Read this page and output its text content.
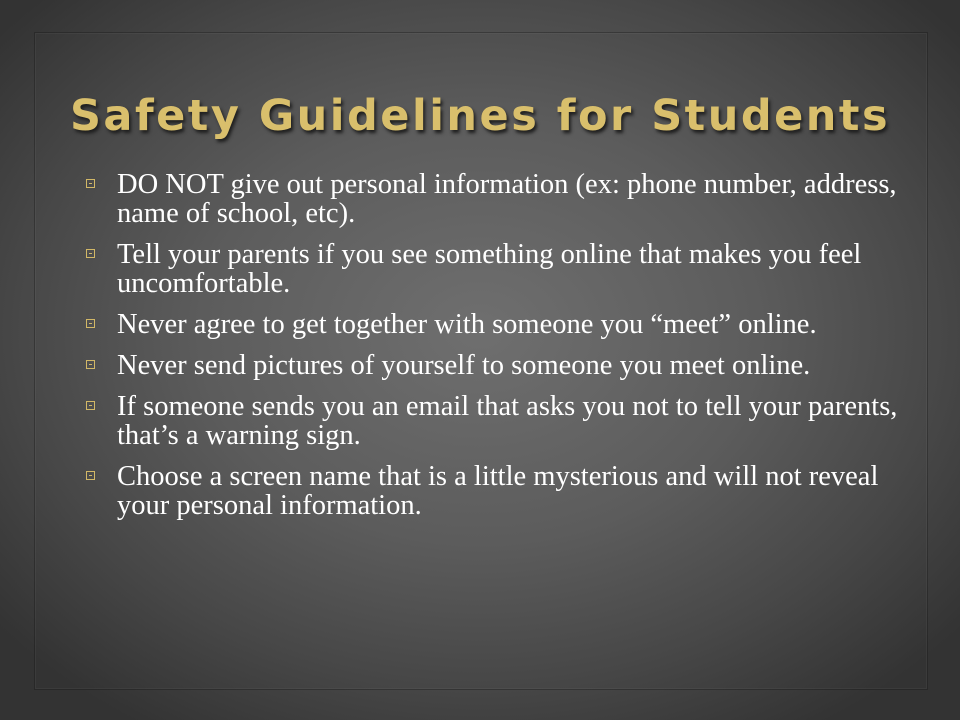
Safety Guidelines for Students
DO NOT give out personal information (ex: phone number, address, name of school, etc).
Tell your parents if you see something online that makes you feel uncomfortable.
Never agree to get together with someone you “meet” online.
Never send pictures of yourself to someone you meet online.
If someone sends you an email that asks you not to tell your parents, that’s a warning sign.
Choose a screen name that is a little mysterious and will not reveal your personal information.
